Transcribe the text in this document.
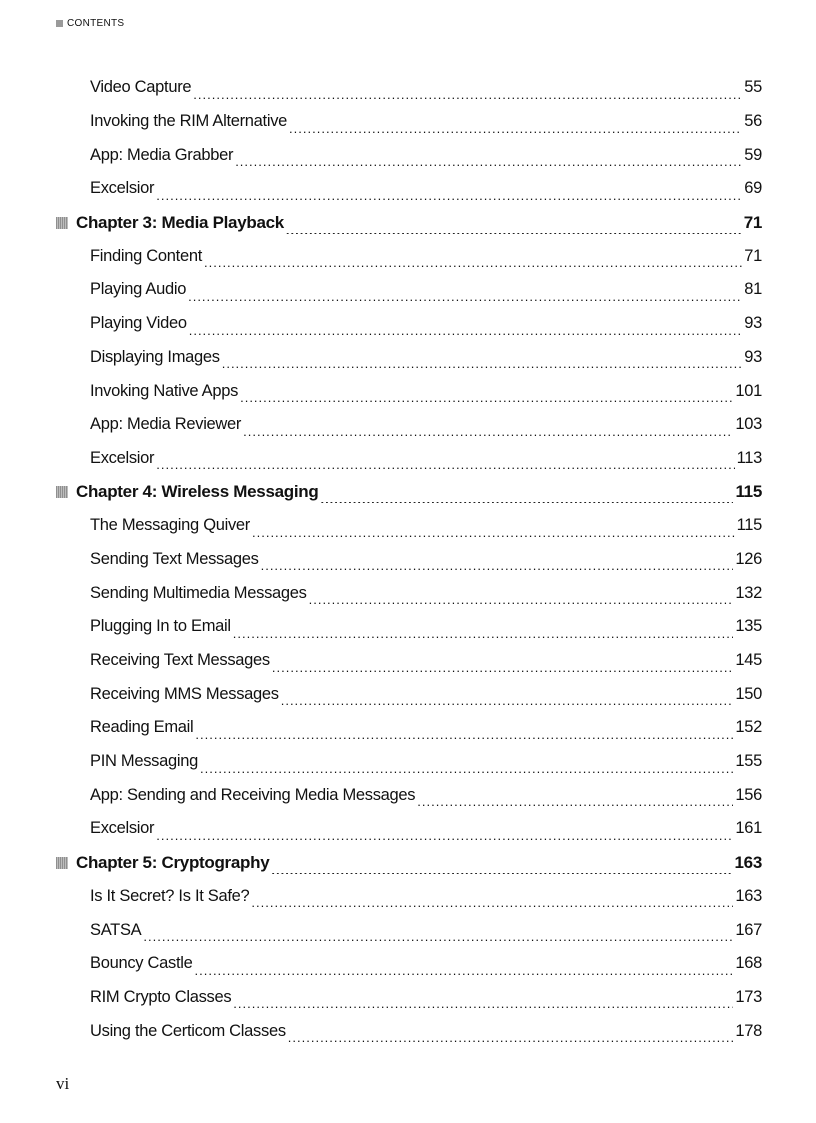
CONTENTS
Video Capture .....	55
Invoking the RIM Alternative .....	56
App: Media Grabber .....	59
Excelsior .....	69
Chapter 3: Media Playback .....	71
Finding Content .....	71
Playing Audio .....	81
Playing Video .....	93
Displaying Images .....	93
Invoking Native Apps .....	101
App: Media Reviewer .....	103
Excelsior .....	113
Chapter 4: Wireless Messaging .....	115
The Messaging Quiver .....	115
Sending Text Messages .....	126
Sending Multimedia Messages .....	132
Plugging In to Email .....	135
Receiving Text Messages .....	145
Receiving MMS Messages .....	150
Reading Email .....	152
PIN Messaging .....	155
App: Sending and Receiving Media Messages .....	156
Excelsior .....	161
Chapter 5: Cryptography .....	163
Is It Secret? Is It Safe? .....	163
SATSA .....	167
Bouncy Castle .....	168
RIM Crypto Classes .....	173
Using the Certicom Classes .....	178
vi
